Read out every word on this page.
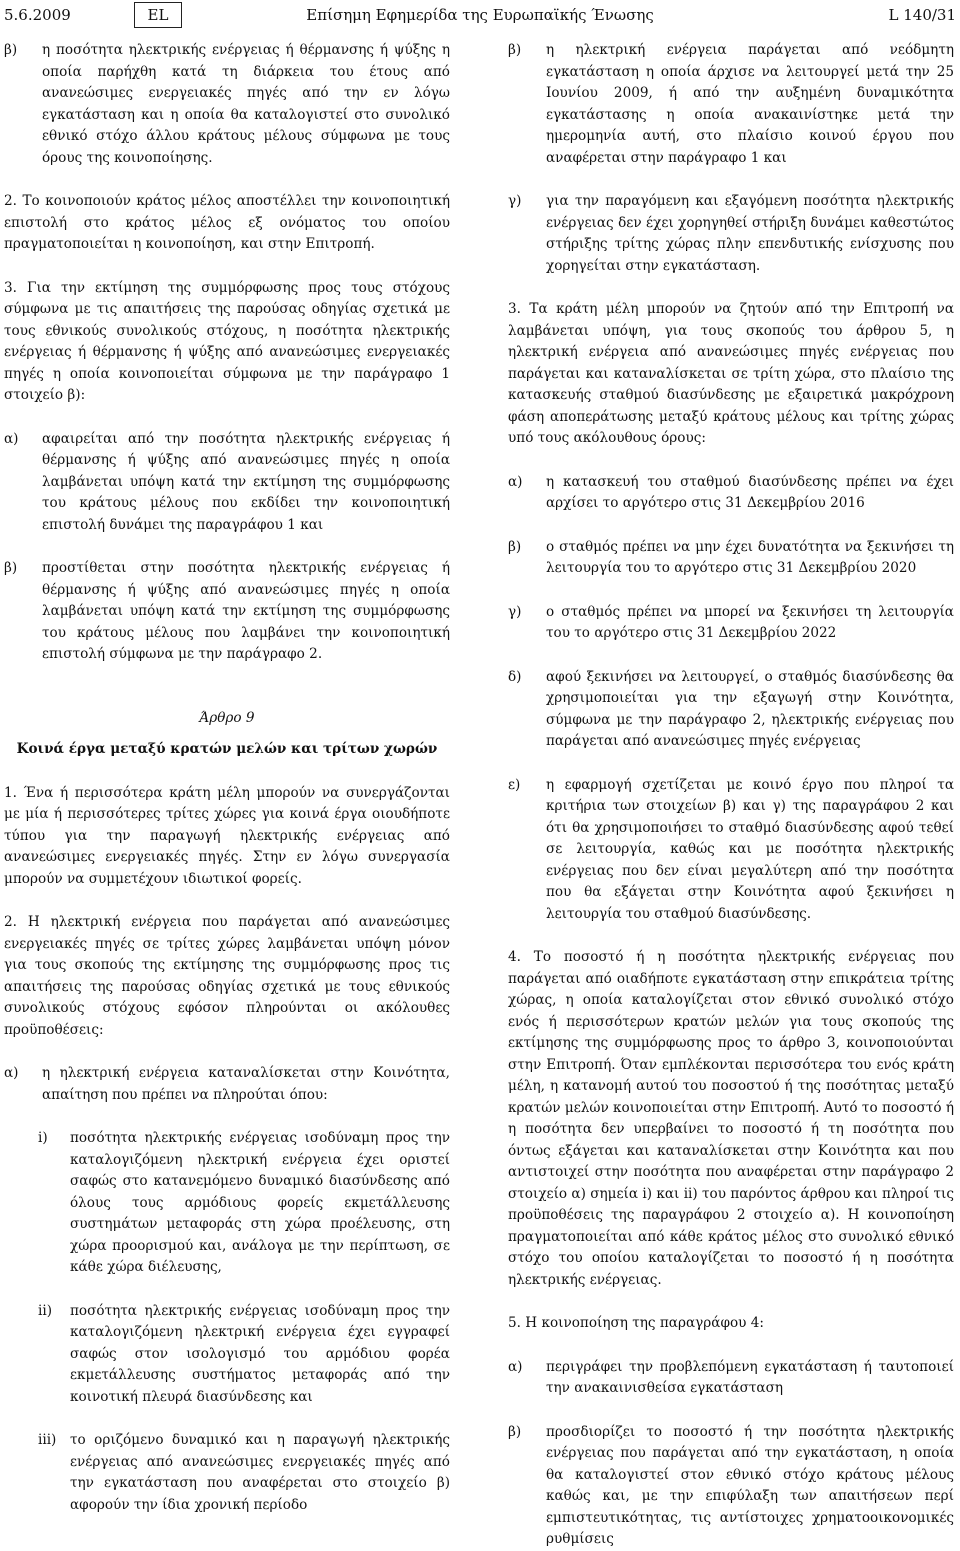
5.6.2009	EL	Επίσημη Εφημερίδα της Ευρωπαϊκής Ένωσης	L 140/31
β)	η ποσότητα ηλεκτρικής ενέργειας ή θέρμανσης ή ψύξης η οποία παρήχθη κατά τη διάρκεια του έτους από ανανεώσιμες ενεργειακές πηγές από την εν λόγω εγκατάσταση και η οποία θα καταλογιστεί στο συνολικό εθνικό στόχο άλλου κράτους μέλους σύμφωνα με τους όρους της κοινοποίησης.

2. Το κοινοποιούν κράτος μέλος αποστέλλει την κοινοποιητική επιστολή στο κράτος μέλος εξ ονόματος του οποίου πραγματοποιείται η κοινοποίηση, και στην Επιτροπή.

3. Για την εκτίμηση της συμμόρφωσης προς τους στόχους σύμφωνα με τις απαιτήσεις της παρούσας οδηγίας σχετικά με τους εθνικούς συνολικούς στόχους, η ποσότητα ηλεκτρικής ενέργειας ή θέρμανσης ή ψύξης από ανανεώσιμες ενεργειακές πηγές η οποία κοινοποιείται σύμφωνα με την παράγραφο 1 στοιχείο β):

α)	αφαιρείται από την ποσότητα ηλεκτρικής ενέργειας ή θέρμανσης ή ψύξης από ανανεώσιμες πηγές η οποία λαμβάνεται υπόψη κατά την εκτίμηση της συμμόρφωσης του κράτους μέλους που εκδίδει την κοινοποιητική επιστολή δυνάμει της παραγράφου 1 και
β)	προστίθεται στην ποσότητα ηλεκτρικής ενέργειας ή θέρμανσης ή ψύξης από ανανεώσιμες πηγές η οποία λαμβάνεται υπόψη κατά την εκτίμηση της συμμόρφωσης του κράτους μέλους που λαμβάνει την κοινοποιητική επιστολή σύμφωνα με την παράγραφο 2.

Άρθρο 9

Κοινά έργα μεταξύ κρατών μελών και τρίτων χωρών

1. Ένα ή περισσότερα κράτη μέλη μπορούν να συνεργάζονται με μία ή περισσότερες τρίτες χώρες για κοινά έργα οιουδήποτε τύπου για την παραγωγή ηλεκτρικής ενέργειας από ανανεώσιμες ενεργειακές πηγές. Στην εν λόγω συνεργασία μπορούν να συμμετέχουν ιδιωτικοί φορείς.

2. Η ηλεκτρική ενέργεια που παράγεται από ανανεώσιμες ενεργειακές πηγές σε τρίτες χώρες λαμβάνεται υπόψη μόνον για τους σκοπούς της εκτίμησης της συμμόρφωσης προς τις απαιτήσεις της παρούσας οδηγίας σχετικά με τους εθνικούς συνολικούς στόχους εφόσον πληρούνται οι ακόλουθες προϋποθέσεις:

α)	η ηλεκτρική ενέργεια καταναλίσκεται στην Κοινότητα, απαίτηση που πρέπει να πληρούται όπου:
i)	ποσότητα ηλεκτρικής ενέργειας ισοδύναμη προς την καταλογιζόμενη ηλεκτρική ενέργεια έχει οριστεί σαφώς στο κατανεμόμενο δυναμικό διασύνδεσης από όλους τους αρμόδιους φορείς εκμετάλλευσης συστημάτων μεταφοράς στη χώρα προέλευσης, στη χώρα προορισμού και, ανάλογα με την περίπτωση, σε κάθε χώρα διέλευσης,
ii)	ποσότητα ηλεκτρικής ενέργειας ισοδύναμη προς την καταλογιζόμενη ηλεκτρική ενέργεια έχει εγγραφεί σαφώς στον ισολογισμό του αρμόδιου φορέα εκμετάλλευσης συστήματος μεταφοράς από την κοινοτική πλευρά διασύνδεσης και
iii)	το οριζόμενο δυναμικό και η παραγωγή ηλεκτρικής ενέργειας από ανανεώσιμες ενεργειακές πηγές από την εγκατάσταση που αναφέρεται στο στοιχείο β) αφορούν την ίδια χρονική περίοδο
β)	η ηλεκτρική ενέργεια παράγεται από νεόδμητη εγκατάσταση η οποία άρχισε να λειτουργεί μετά την 25 Ιουνίου 2009, ή από την αυξημένη δυναμικότητα εγκατάστασης η οποία ανακαινίστηκε μετά την ημερομηνία αυτή, στο πλαίσιο κοινού έργου που αναφέρεται στην παράγραφο 1 και
γ)	για την παραγόμενη και εξαγόμενη ποσότητα ηλεκτρικής ενέργειας δεν έχει χορηγηθεί στήριξη δυνάμει καθεστώτος στήριξης τρίτης χώρας πλην επενδυτικής ενίσχυσης που χορηγείται στην εγκατάσταση.

3. Τα κράτη μέλη μπορούν να ζητούν από την Επιτροπή να λαμβάνεται υπόψη, για τους σκοπούς του άρθρου 5, η ηλεκτρική ενέργεια από ανανεώσιμες πηγές ενέργειας που παράγεται και καταναλίσκεται σε τρίτη χώρα, στο πλαίσιο της κατασκευής σταθμού διασύνδεσης με εξαιρετικά μακρόχρονη φάση αποπεράτωσης μεταξύ κράτους μέλους και τρίτης χώρας υπό τους ακόλουθους όρους:

α)	η κατασκευή του σταθμού διασύνδεσης πρέπει να έχει αρχίσει το αργότερο στις 31 Δεκεμβρίου 2016
β)	ο σταθμός πρέπει να μην έχει δυνατότητα να ξεκινήσει τη λειτουργία του το αργότερο στις 31 Δεκεμβρίου 2020
γ)	ο σταθμός πρέπει να μπορεί να ξεκινήσει τη λειτουργία του το αργότερο στις 31 Δεκεμβρίου 2022
δ)	αφού ξεκινήσει να λειτουργεί, ο σταθμός διασύνδεσης θα χρησιμοποιείται για την εξαγωγή στην Κοινότητα, σύμφωνα με την παράγραφο 2, ηλεκτρικής ενέργειας που παράγεται από ανανεώσιμες πηγές ενέργειας
ε)	η εφαρμογή σχετίζεται με κοινό έργο που πληροί τα κριτήρια των στοιχείων β) και γ) της παραγράφου 2 και ότι θα χρησιμοποιήσει το σταθμό διασύνδεσης αφού τεθεί σε λειτουργία, καθώς και με ποσότητα ηλεκτρικής ενέργειας που δεν είναι μεγαλύτερη από την ποσότητα που θα εξάγεται στην Κοινότητα αφού ξεκινήσει η λειτουργία του σταθμού διασύνδεσης.

4. Το ποσοστό ή η ποσότητα ηλεκτρικής ενέργειας που παράγεται από οιαδήποτε εγκατάσταση στην επικράτεια τρίτης χώρας, η οποία καταλογίζεται στον εθνικό συνολικό στόχο ενός ή περισσότερων κρατών μελών για τους σκοπούς της εκτίμησης της συμμόρφωσης προς το άρθρο 3, κοινοποιούνται στην Επιτροπή. Όταν εμπλέκονται περισσότερα του ενός κράτη μέλη, η κατανομή αυτού του ποσοστού ή της ποσότητας μεταξύ κρατών μελών κοινοποιείται στην Επιτροπή. Αυτό το ποσοστό ή η ποσότητα δεν υπερβαίνει το ποσοστό ή τη ποσότητα που όντως εξάγεται και καταναλίσκεται στην Κοινότητα και που αντιστοιχεί στην ποσότητα που αναφέρεται στην παράγραφο 2 στοιχείο α) σημεία i) και ii) του παρόντος άρθρου και πληροί τις προϋποθέσεις της παραγράφου 2 στοιχείο α). Η κοινοποίηση πραγματοποιείται από κάθε κράτος μέλος στο συνολικό εθνικό στόχο του οποίου καταλογίζεται το ποσοστό ή η ποσότητα ηλεκτρικής ενέργειας.

5. Η κοινοποίηση της παραγράφου 4:

α)	περιγράφει την προβλεπόμενη εγκατάσταση ή ταυτοποιεί την ανακαινισθείσα εγκατάσταση
β)	προσδιορίζει το ποσοστό ή την ποσότητα ηλεκτρικής ενέργειας που παράγεται από την εγκατάσταση, η οποία θα καταλογιστεί στον εθνικό στόχο κράτους μέλους καθώς και, με την επιφύλαξη των απαιτήσεων περί εμπιστευτικότητας, τις αντίστοιχες χρηματοοικονομικές ρυθμίσεις
